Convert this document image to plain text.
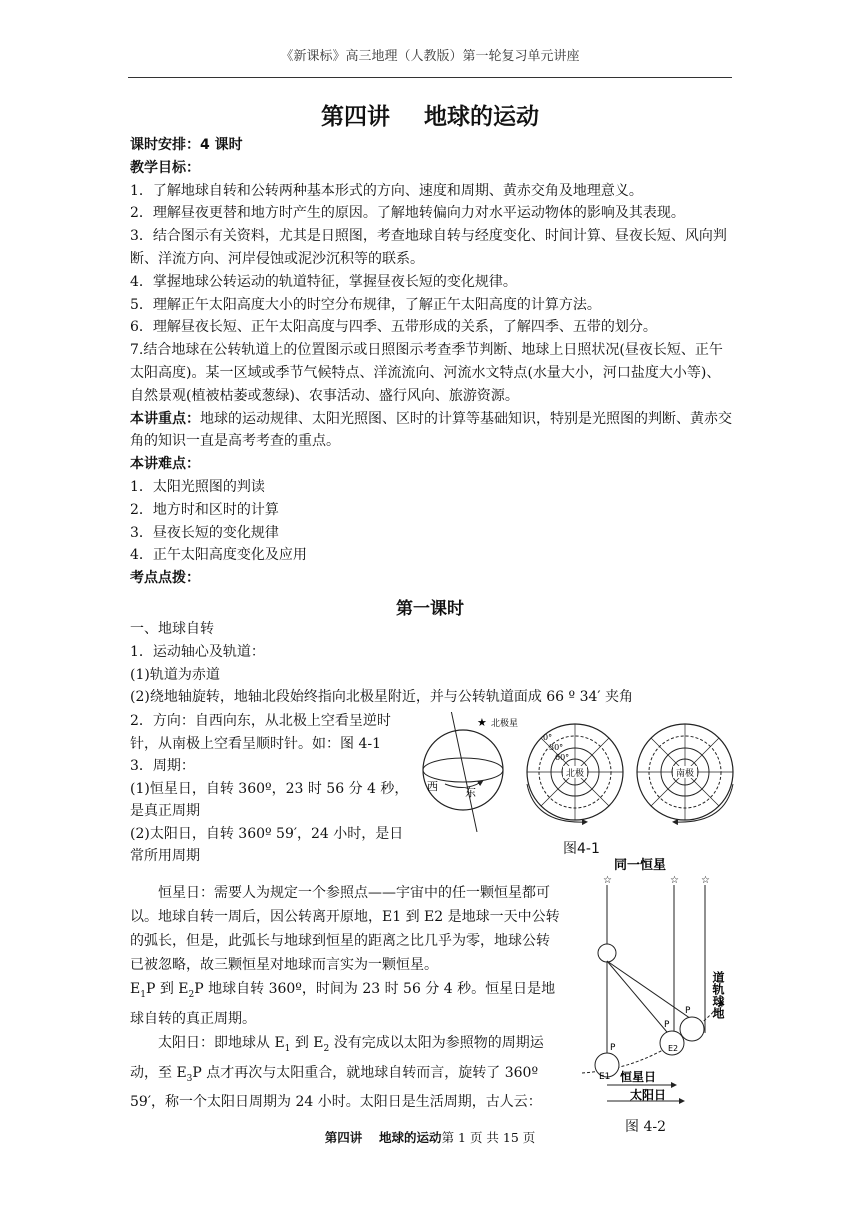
《新课标》高三地理（人教版）第一轮复习单元讲座
第四讲 地球的运动

课时安排：4 课时

教学目标：

1．了解地球自转和公转两种基本形式的方向、速度和周期、黄赤交角及地理意义。

2．理解昼夜更替和地方时产生的原因。了解地转偏向力对水平运动物体的影响及其表现。

3．结合图示有关资料，尤其是日照图，考查地球自转与经度变化、时间计算、昼夜长短、风向判断、洋流方向、河岸侵蚀或泥沙沉积等的联系。

4．掌握地球公转运动的轨道特征，掌握昼夜长短的变化规律。

5．理解正午太阳高度大小的时空分布规律，了解正午太阳高度的计算方法。

6．理解昼夜长短、正午太阳高度与四季、五带形成的关系，了解四季、五带的划分。

7.结合地球在公转轨道上的位置图示或日照图示考查季节判断、地球上日照状况(昼夜长短、正午太阳高度)。某一区域或季节气候特点、洋流流向、河流水文特点(水量大小，河口盐度大小等)、自然景观(植被枯萎或葱绿)、农事活动、盛行风向、旅游资源。

本讲重点：地球的运动规律、太阳光照图、区时的计算等基础知识，特别是光照图的判断、黄赤交角的知识一直是高考考查的重点。

本讲难点：

1．太阳光照图的判读

2．地方时和区时的计算

3．昼夜长短的变化规律

4．正午太阳高度变化及应用

考点点拨：

第一课时

一、地球自转

1．运动轴心及轨道：

(1)轨道为赤道

(2)绕地轴旋转，地轴北段始终指向北极星附近，并与公转轨道面成 66 º 34′ 夹角

2．方向：自西向东，从北极上空看呈逆时针，从南极上空看呈顺时针。如：图 4-1

3．周期：

(1)恒星日，自转 360º，23 时 56 分 4 秒，是真正周期

(2)太阳日，自转 360º 59′，24 小时，是日常所用周期

★ 北极星
西 东
北极
0°
30°
60°
南极
图4-1

恒星日：需要人为规定一个参照点——宇宙中的任一颗恒星都可以。地球自转一周后，因公转离开原地，E1 到 E2 是地球一天中公转的弧长，但是，此弧长与地球到恒星的距离之比几乎为零，地球公转已被忽略，故三颗恒星对地球而言实为一颗恒星。

$E_1P$ 到 $E_2P$ 地球自转 360º，时间为 23 时 56 分 4 秒。恒星日是地球自转的真正周期。

太阳日：即地球从 $E_1$ 到 $E_2$ 没有完成以太阳为参照物的周期运动，至 $E_3P$ 点才再次与太阳重合，就地球自转而言，旋转了 360º 59′，称一个太阳日周期为 24 小时。太阳日是生活周期，古人云：

同一恒星
☆	☆ ☆
P
P
P
E1
E2
道轨球地
恒星日
太阳日
图 4-2
第四讲　 地球的运动第 1 页 共 15 页
